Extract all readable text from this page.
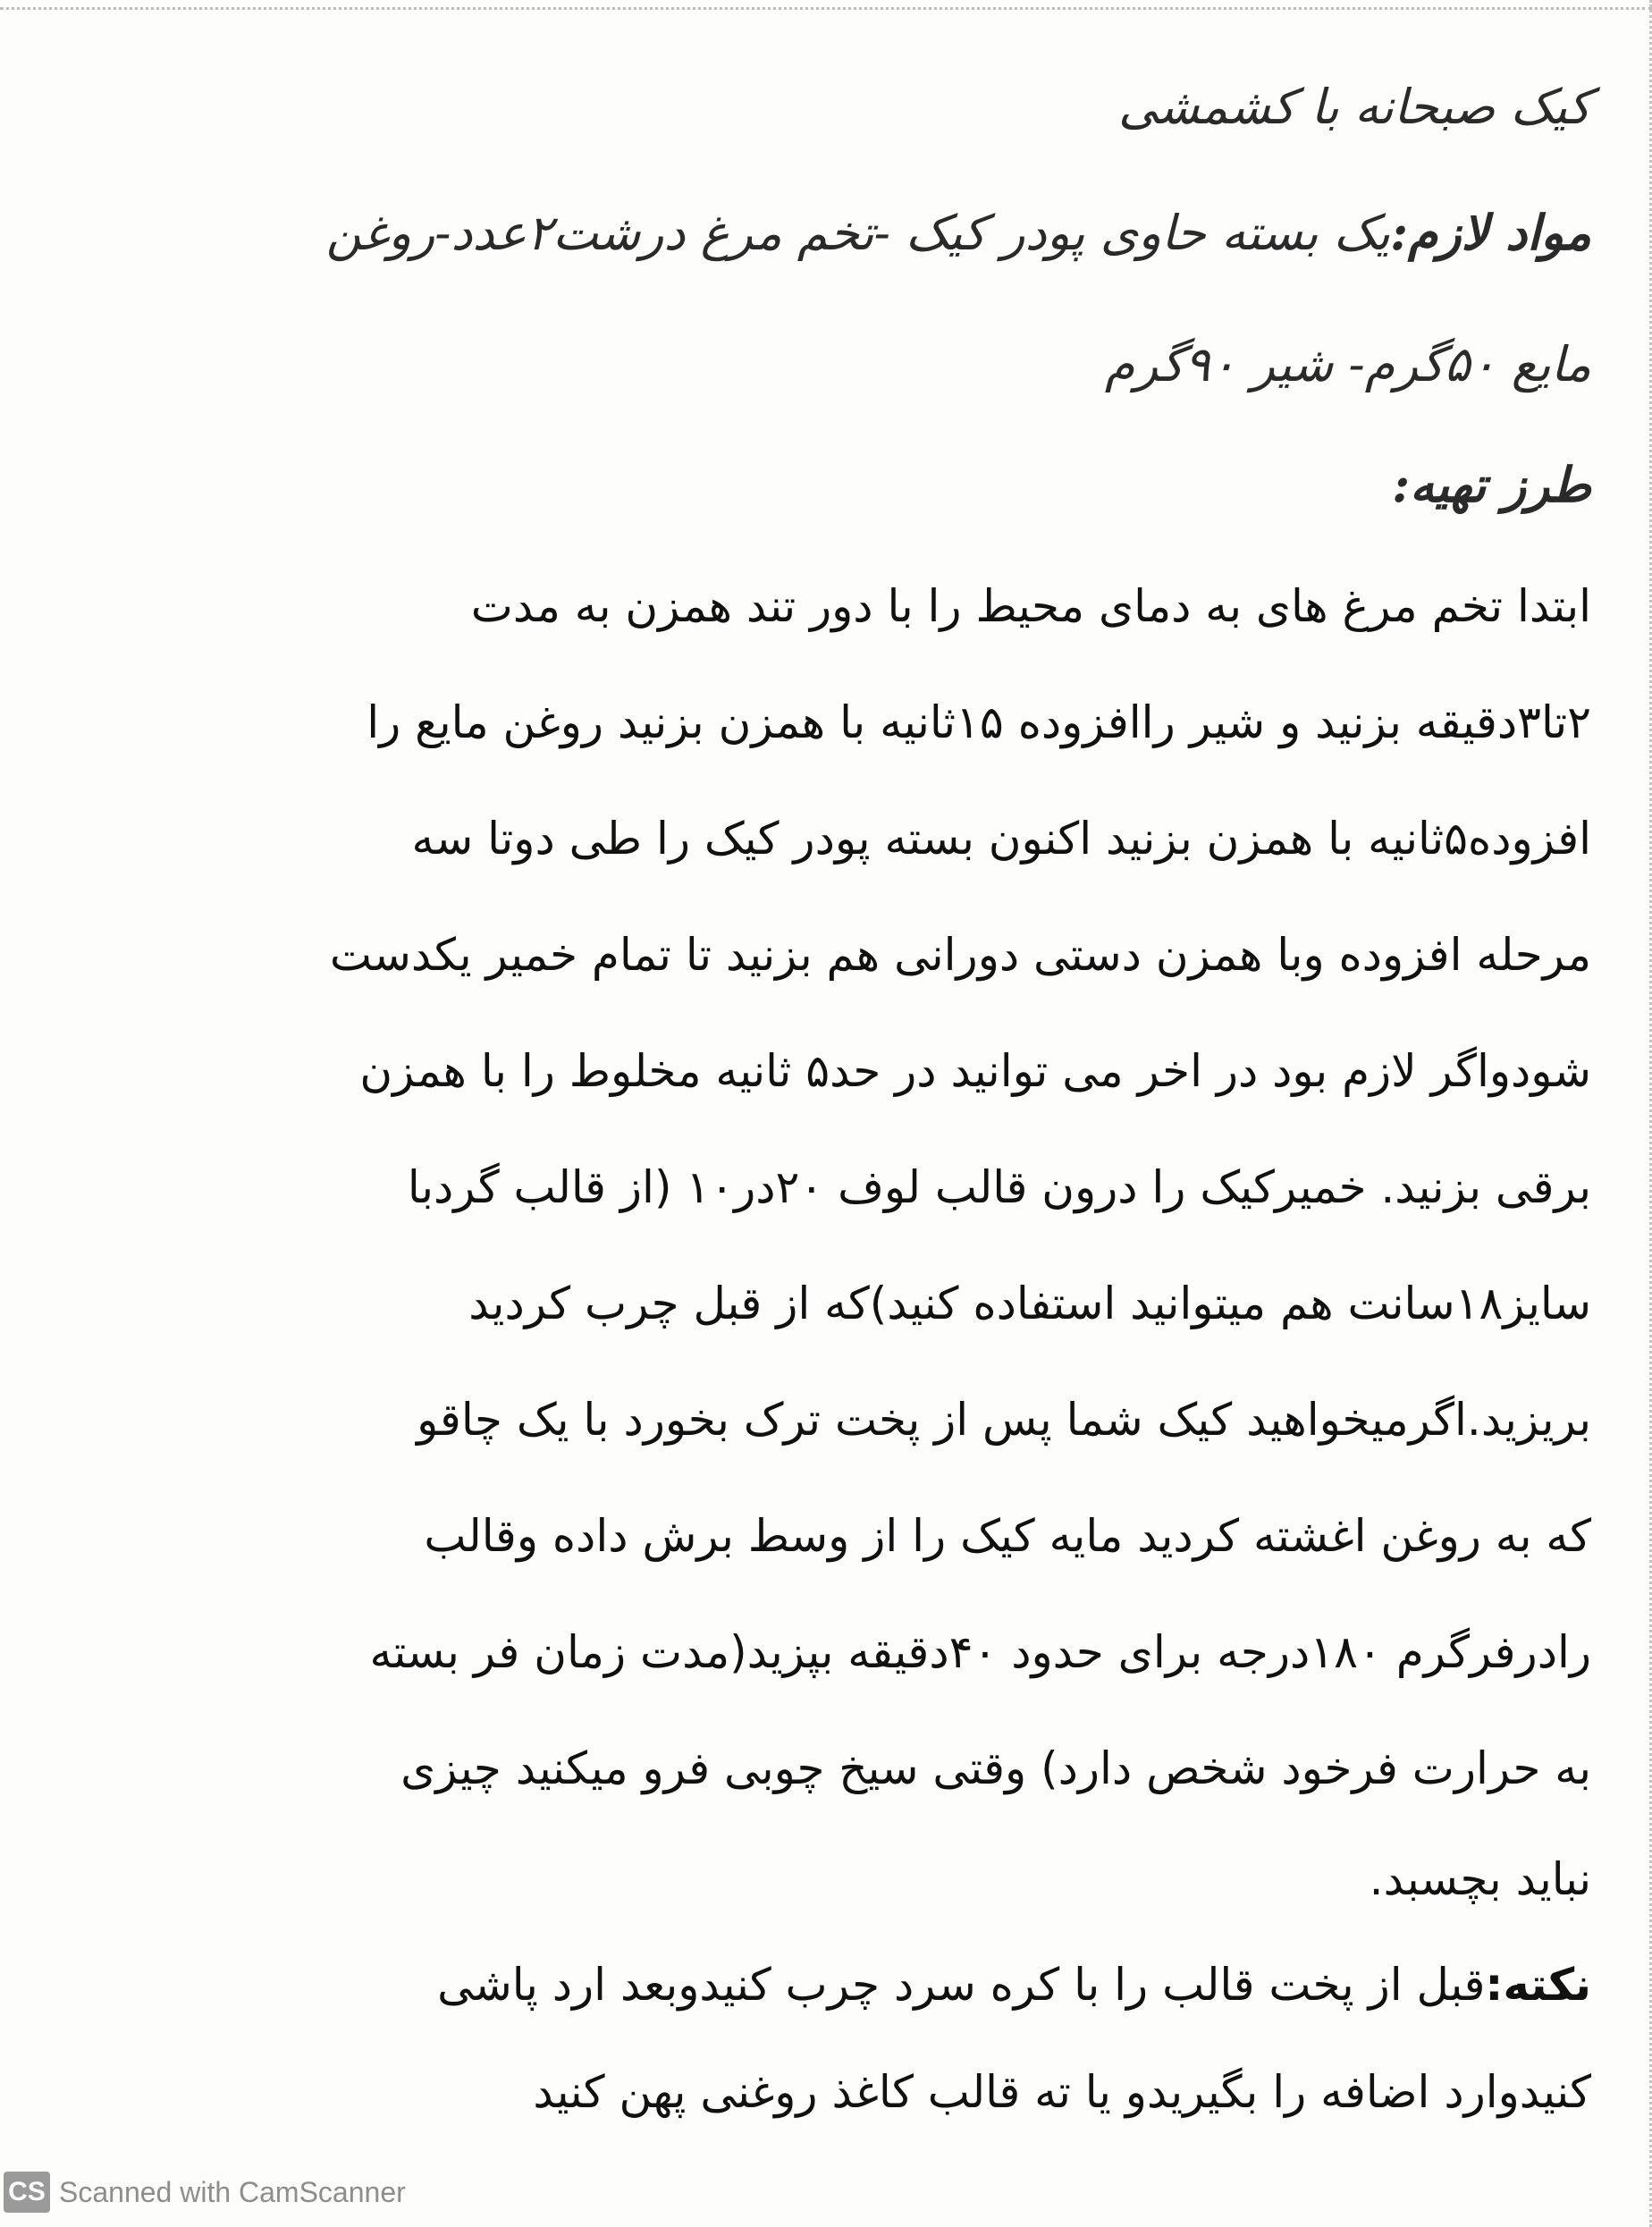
کیک صبحانه با کشمشی
مواد لازم:یک بسته حاوی پودر کیک -تخم مرغ درشت۲عدد-روغن
مایع ۵۰گرم- شیر ۹۰گرم
طرز تهیه:
ابتدا تخم مرغ های به دمای محیط را با دور تند همزن به مدت
۲تا۳دقیقه بزنید و شیر راافزوده ۱۵ثانیه با همزن بزنید روغن مایع را
افزوده۵ثانیه با همزن بزنید اکنون بسته پودر کیک را طی دوتا سه
مرحله افزوده وبا همزن دستی دورانی هم بزنید تا تمام خمیر یکدست
شودواگر لازم بود در اخر می توانید در حد۵ ثانیه مخلوط را با همزن
برقی بزنید. خمیرکیک را درون قالب لوف ۲۰در۱۰ (از قالب گردبا
سایز۱۸سانت هم میتوانید استفاده کنید)که از قبل چرب کردید
بریزید.اگرمیخواهید کیک شما پس از پخت ترک بخورد با یک چاقو
که به روغن اغشته کردید مایه کیک را از وسط برش داده وقالب
رادرفرگرم ۱۸۰درجه برای حدود ۴۰دقیقه بپزید(مدت زمان فر بسته
به حرارت فرخود شخص دارد) وقتی سیخ چوبی فرو میکنید چیزی
نباید بچسبد.
نکته:قبل از پخت قالب را با کره سرد چرب کنیدوبعد ارد پاشی
کنیدوارد اضافه را بگیریدو یا ته قالب کاغذ روغنی پهن کنید
CS Scanned with CamScanner
